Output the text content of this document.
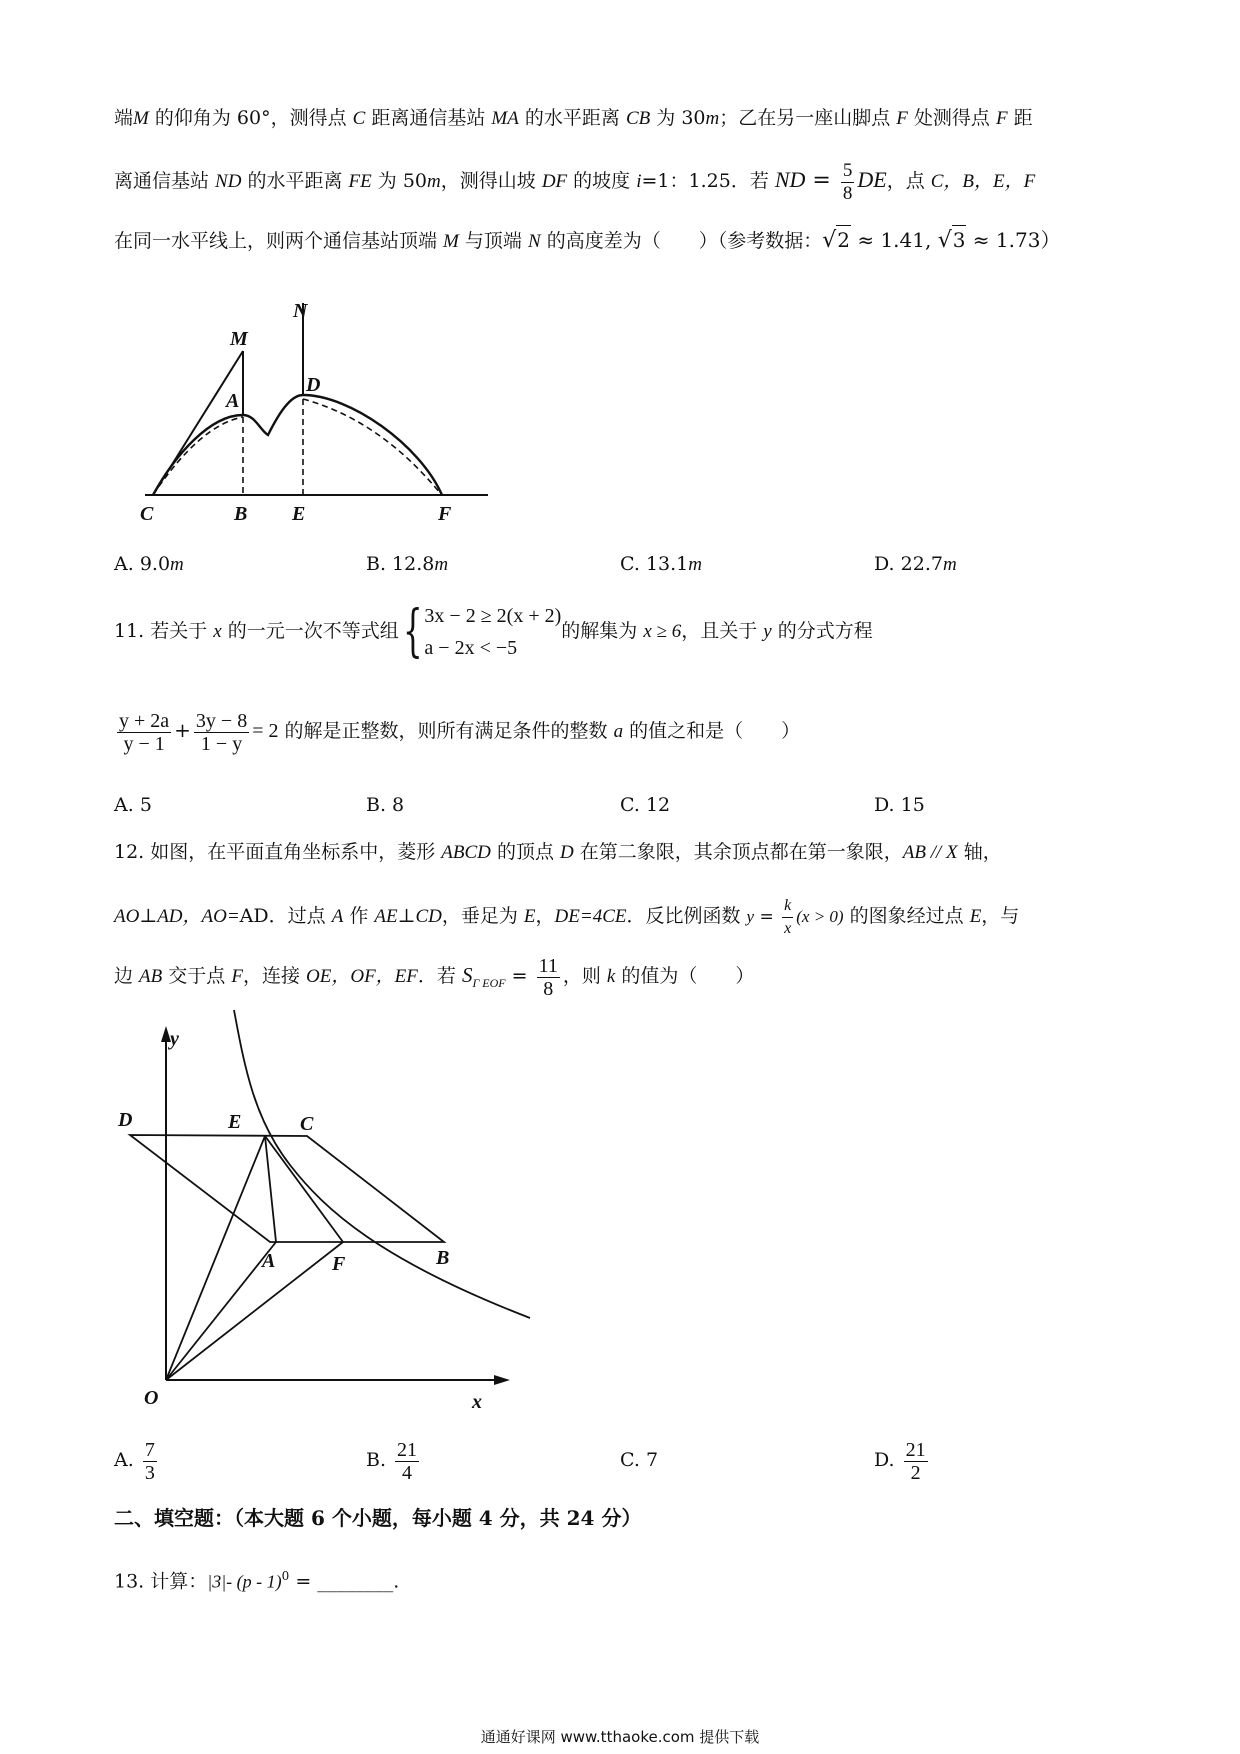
端M 的仰角为 60°，测得点 C 距离通信基站 MA 的水平距离 CB 为 30m；乙在另一座山脚点 F 处测得点 F 距
离通信基站 ND 的水平距离 FE 为 50m，测得山坡 DF 的坡度 i=1：1.25．若 ND = $\frac{5}{8}$ DE，点 C，B，E，F
在同一水平线上，则两个通信基站顶端 M 与顶端 N 的高度差为（　　）（参考数据：√2 ≈ 1.41, √3 ≈ 1.73）
N
M
A
D
C	B E	F
A. 9.0m	B. 12.8m	C. 13.1m	D. 22.7m
11. 若关于 x 的一元一次不等式组{ 3x − 2 ≥ 2(x + 2)
a − 2x < −5
的解集为 x ≥ 6，且关于 y 的分式方程
$\frac{y + 2a}{y - 1} + \frac{3y - 8}{1 - y} = 2$ 的解是正整数，则所有满足条件的整数 a 的值之和是（　　）
A. 5	B. 8	C. 12	D. 15
12. 如图，在平面直角坐标系中，菱形 ABCD 的顶点 D 在第二象限，其余顶点都在第一象限，AB // X 轴，
AO⊥AD，AO=AD．过点 A 作 AE⊥CD，垂足为 E，DE=4CE．反比例函数 $y = \frac{k}{x} (x > 0)$ 的图象经过点 E，与
边 AB 交于点 F，连接 OE，OF，EF．若 $S_{\Gamma EOF} = \frac{11}{8}$ ，则 k 的值为（　　）
y
D	E	C
A	F	B
O	x
A. $\frac{7}{3}$	B. $\frac{21}{4}$	C. 7	D. $\frac{21}{2}$
二、填空题：（本大题 6 个小题，每小题 4 分，共 24 分）
13. 计算：|3|- (p - 1)$^0$ = ________.
通通好课网 www.tthaoke.com 提供下载
